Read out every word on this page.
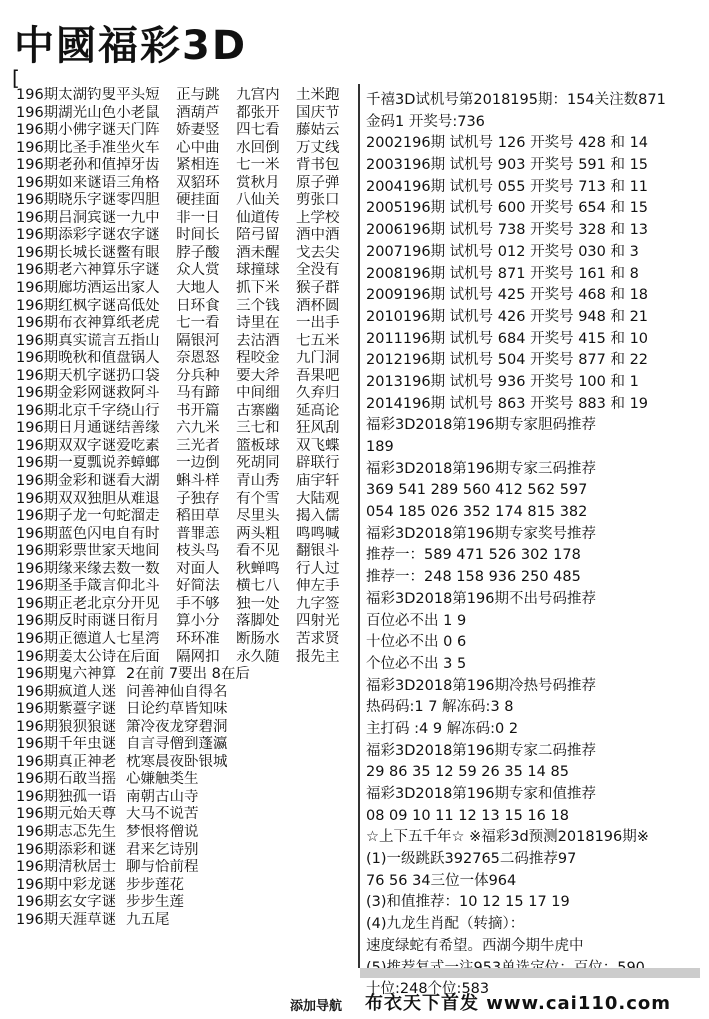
中國福彩3D
[
196期太湖钓叟 平头短	正与跳	九宫内	土米跑
196期湖光山色 小老鼠	酒葫芦	都张开	国庆节
196期小佛字谜 天门阵	娇妻竖	四七看	藤姑云
196期比圣手准 坐火车	心中曲	水回倒	万丈线
196期老孙和值 掉牙齿	紧相连	七一米	背书包
196期如来谜语 三角格	双貂环	赏秋月	原子弹
196期晓乐字谜 零四胆	硬挂面	八仙关	剪张口
196期吕洞宾谜 一九中	非一日	仙道传	上学校
196期添彩字谜 农字谜	时间长	陪弓留	酒中酒
196期长城长谜 鳖有眼	脖子酸	酒未醒	戈去尖
196期老六神算 乐字谜	众人赏	球撞球	全没有
196期廊坊酒运 出家人	大地人	抓下米	猴子群
196期红枫字谜 高低处	日环食	三个钱	酒杯圆
196期布衣神算 纸老虎	七一看	诗里在	一出手
196期真实谎言 五指山	隔银河	去沽酒	七五米
196期晚秋和值 盘锅人	奈恩怒	程咬金	九门洞
196期天机字谜 扔口袋	分兵种	要大斧	吾果吧
196期金彩网谜 救阿斗	马有蹄	中间细	久弃归
196期北京千字 绕山行	书开篇	古寨幽	延高论
196期日月通谜 结善缘	六九米	三七和	狂风刮
196期双双字谜 爱吃素	三光者	篮板球	双飞蝶
196期一夏瓢说 养蟑螂	一边倒	死胡同	辟联行
196期金彩和谜 看大湖	蝌斗样	青山秀	庙宇轩
196期双双独胆 从难退	子独存	有个雪	大陆观
196期子龙一句 蛇溜走	稻田草	尽里头	揭入儒
196期蓝色闪电 自有时	普罪恙	两头粗	鸣鸣喊
196期彩票世家 天地间	枝头鸟	看不见	翻银斗
196期缘来缘去 数一数	对面人	秋蝉鸣	行人过
196期圣手箴言 仰北斗	好简法	横七八	伸左手
196期正老北京 分开见	手不够	独一处	九字签
196期反时雨谜 日衔月	算小分	落脚处	四射光
196期正德道人 七星湾	环环准	断肠水	苦求贤
196期姜太公诗 在后面	隔网扣	永久随	报先主
196期鬼六神算 2在前 7要出 8在后
196期疯道人迷 问善神仙自得名
196期紫薹字谜 日论约草皆知味
196期狼狈狼谜 箫冷夜龙穿碧洞
196期千年虫谜 自言寻僧到蓬瀛
196期真正神老 枕寒晨夜卧银城
196期石敢当摇 心嫌触类生
196期独孤一语 南朝古山寺
196期元始天尊 大马不说苦
196期志忑先生 梦恨将僧说
196期添彩和谜 君来乞诗别
196期清秋居士 聊与恰前程
196期中彩龙谜 步步莲花
196期玄女字谜 步步生莲
196期天涯草谜 九五尾
千禧3D试机号第2018195期：154关注数871
金码1 开奖号:736
2002196期 试机号 126 开奖号 428 和 14
2003196期 试机号 903 开奖号 591 和 15
2004196期 试机号 055 开奖号 713 和 11
2005196期 试机号 600 开奖号 654 和 15
2006196期 试机号 738 开奖号 328 和 13
2007196期 试机号 012 开奖号 030 和 3
2008196期 试机号 871 开奖号 161 和 8
2009196期 试机号 425 开奖号 468 和 18
2010196期 试机号 426 开奖号 948 和 21
2011196期 试机号 684 开奖号 415 和 10
2012196期 试机号 504 开奖号 877 和 22
2013196期 试机号 936 开奖号 100 和 1
2014196期 试机号 863 开奖号 883 和 19
福彩3D2018第196期专家胆码推荐
189
福彩3D2018第196期专家三码推荐
369 541 289 560 412 562 597
054 185 026 352 174 815 382
福彩3D2018第196期专家奖号推荐
推荐一：589 471 526 302 178
推荐一：248 158 936 250 485
福彩3D2018第196期不出号码推荐
百位必不出 1 9
十位必不出 0 6
个位必不出 3 5
福彩3D2018第196期冷热号码推荐
热码码:1 7 解冻码:3 8
主打码 :4 9 解冻码:0 2
福彩3D2018第196期专家二码推荐
29 86 35 12 59 26 35 14 85
福彩3D2018第196期专家和值推荐
08 09 10 11 12 13 15 16 18
☆上下五千年☆ ※福彩3d预测2018196期※
(1)一级跳跃392765二码推荐97
76 56 34三位一体964
(3)和值推荐：10 12 15 17 19
(4)九龙生肖配（转摘）：
速度绿蛇有希望。西湖今期牛虎中
十位:248个位:583
添加导航 布衣天下首发 www.cai110.com
